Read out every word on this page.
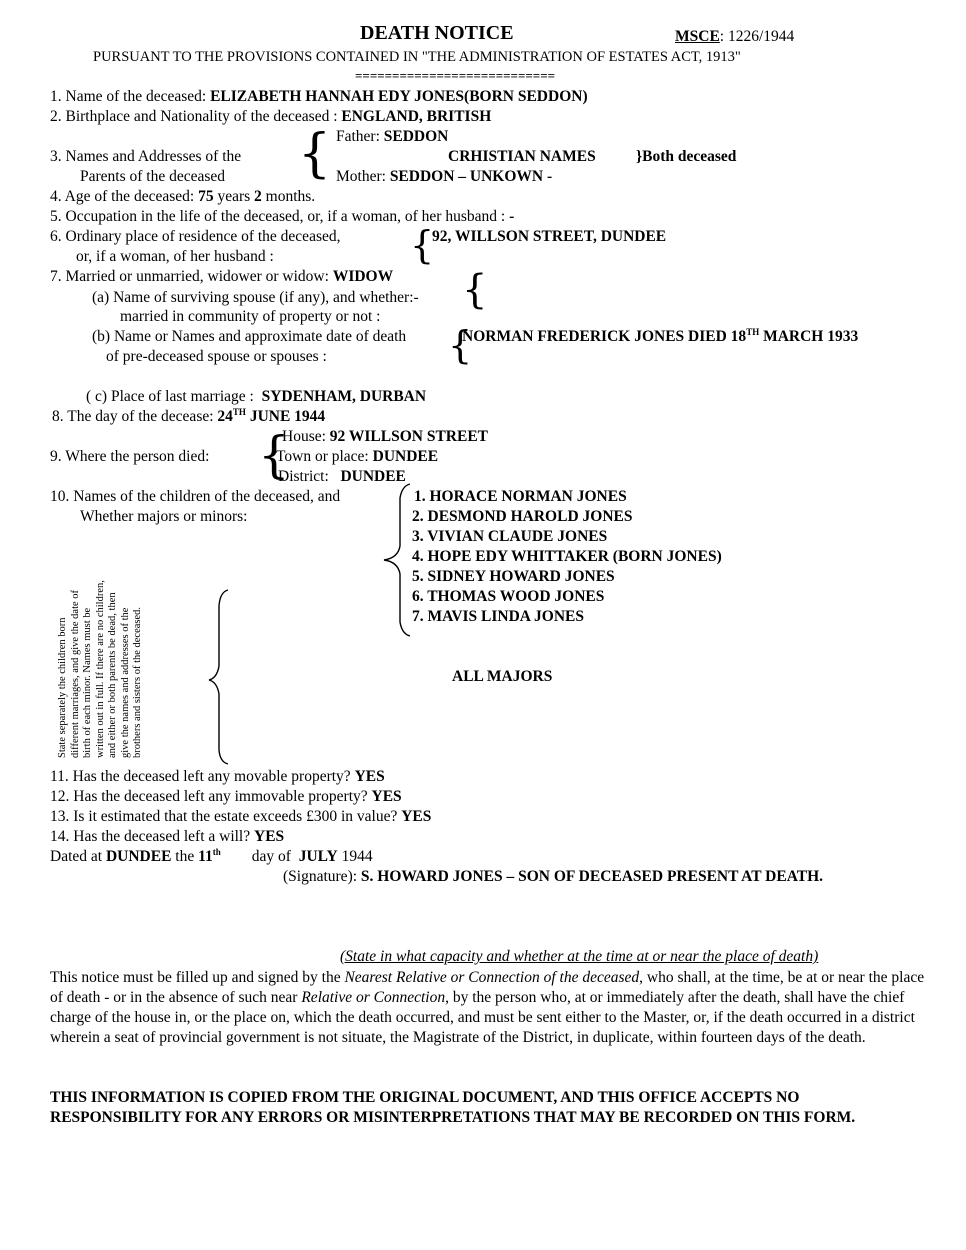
DEATH NOTICE	MSCE: 1226/1944
PURSUANT TO THE PROVISIONS CONTAINED IN "THE ADMINISTRATION OF ESTATES ACT, 1913"
===========================
1. Name of the deceased: ELIZABETH HANNAH EDY JONES(BORN SEDDON)
2. Birthplace and Nationality of the deceased : ENGLAND, BRITISH
3. Names and Addresses of the
Parents of the deceased { Father: SEDDON
CRHISTIAN NAMES	}Both deceased
Mother: SEDDON – UNKOWN -
4. Age of the deceased: 75 years 2 months.
5. Occupation in the life of the deceased, or, if a woman, of her husband : -
6. Ordinary place of residence of the deceased,
or, if a woman, of her husband :	{
92, WILLSON STREET, DUNDEE
7. Married or unmarried, widower or widow: WIDOW {
(a) Name of surviving spouse (if any), and whether:-
married in community of property or not :
(b) Name or Names and approximate date of death {
NORMAN FREDERICK JONES DIED 18TH MARCH 1933
of pre-deceased spouse or spouses :
( c) Place of last marriage : SYDENHAM, DURBAN
8. The day of the decease: 24TH JUNE 1944
9. Where the person died: {
House: 92 WILLSON STREET
Town or place: DUNDEE
District: DUNDEE
10. Names of the children of the deceased, and
Whether majors or minors:
1. HORACE NORMAN JONES
2. DESMOND HAROLD JONES
3. VIVIAN CLAUDE JONES
4. HOPE EDY WHITTAKER (BORN JONES)
5. SIDNEY HOWARD JONES
6. THOMAS WOOD JONES
7. MAVIS LINDA JONES
ALL MAJORS
State separately the children born different marriages, and give the date of birth of each minor. Names must be written out in full. If there are no children, and either or both parents be dead, then give the names and addresses of the brothers and sisters of the deceased.
11. Has the deceased left any movable property? YES
12. Has the deceased left any immovable property? YES
13. Is it estimated that the estate exceeds £300 in value? YES
14. Has the deceased left a will? YES
Dated at DUNDEE the 11th day of JULY 1944
(Signature): S. HOWARD JONES – SON OF DECEASED PRESENT AT DEATH.
(State in what capacity and whether at the time at or near the place of death)
This notice must be filled up and signed by the Nearest Relative or Connection of the deceased, who shall, at the time, be at or near the place of death - or in the absence of such near Relative or Connection, by the person who, at or immediately after the death, shall have the chief charge of the house in, or the place on, which the death occurred, and must be sent either to the Master, or, if the death occurred in a district wherein a seat of provincial government is not situate, the Magistrate of the District, in duplicate, within fourteen days of the death.
THIS INFORMATION IS COPIED FROM THE ORIGINAL DOCUMENT, AND THIS OFFICE ACCEPTS NO RESPONSIBILITY FOR ANY ERRORS OR MISINTERPRETATIONS THAT MAY BE RECORDED ON THIS FORM.
